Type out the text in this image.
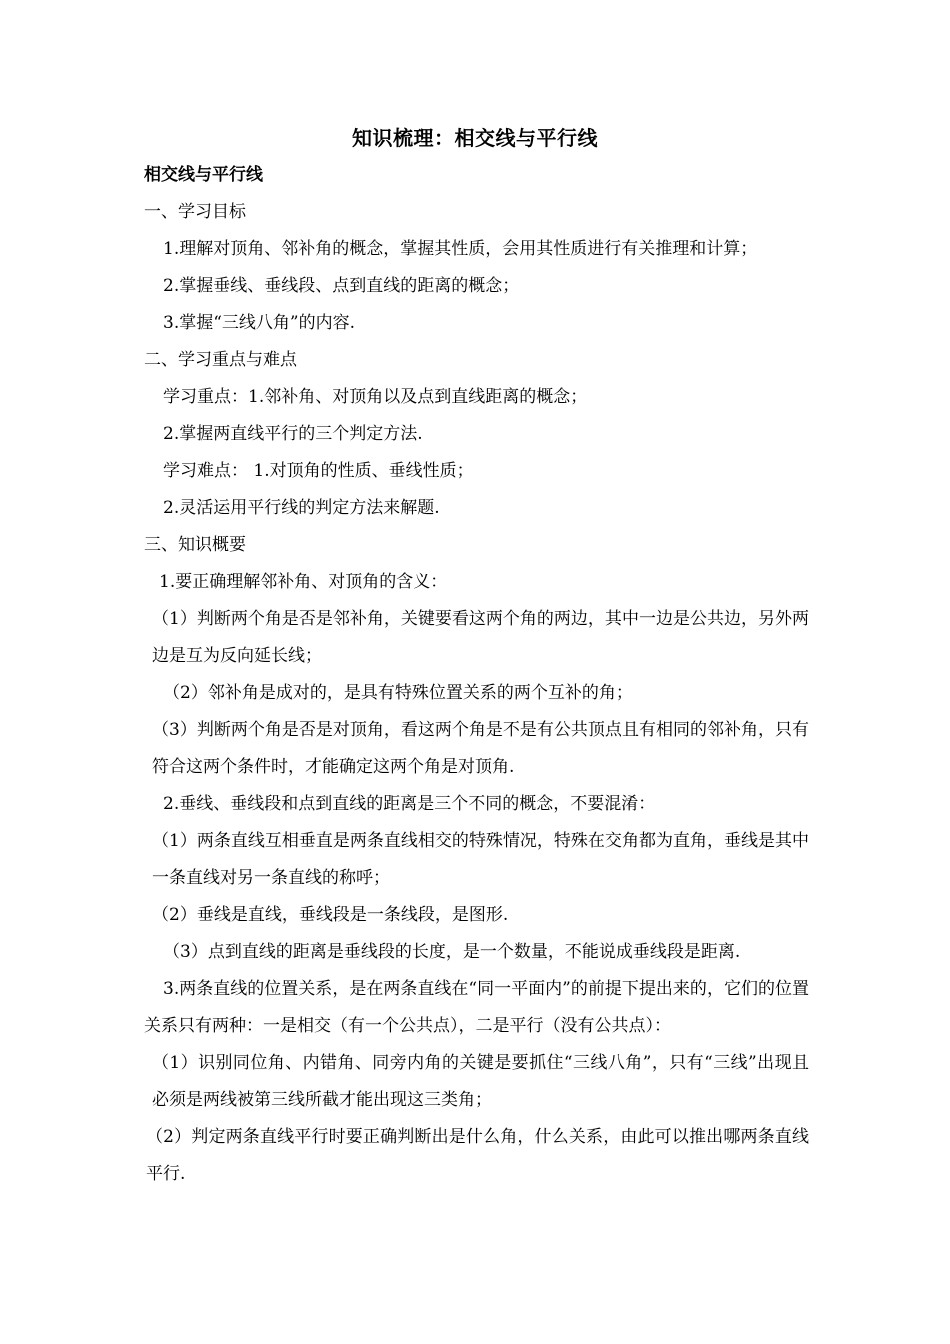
知识梳理：相交线与平行线
相交线与平行线
一、学习目标
1.理解对顶角、邻补角的概念，掌握其性质，会用其性质进行有关推理和计算；
2.掌握垂线、垂线段、点到直线的距离的概念；
3.掌握“三线八角”的内容.
二、学习重点与难点
学习重点：1.邻补角、对顶角以及点到直线距离的概念；
2.掌握两直线平行的三个判定方法.
学习难点： 1.对顶角的性质、垂线性质；
2.灵活运用平行线的判定方法来解题.
三、知识概要
1.要正确理解邻补角、对顶角的含义：
（1）判断两个角是否是邻补角，关键要看这两个角的两边，其中一边是公共边，另外两边是互为反向延长线；
（2）邻补角是成对的，是具有特殊位置关系的两个互补的角；
（3）判断两个角是否是对顶角，看这两个角是不是有公共顶点且有相同的邻补角，只有符合这两个条件时，才能确定这两个角是对顶角.
2.垂线、垂线段和点到直线的距离是三个不同的概念，不要混淆：
（1）两条直线互相垂直是两条直线相交的特殊情况，特殊在交角都为直角，垂线是其中一条直线对另一条直线的称呼；
（2）垂线是直线，垂线段是一条线段，是图形.
（3）点到直线的距离是垂线段的长度，是一个数量，不能说成垂线段是距离.
3.两条直线的位置关系，是在两条直线在“同一平面内”的前提下提出来的，它们的位置关系只有两种：一是相交（有一个公共点），二是平行（没有公共点）：
（1）识别同位角、内错角、同旁内角的关键是要抓住“三线八角”，只有“三线”出现且必须是两线被第三线所截才能出现这三类角；
（2）判定两条直线平行时要正确判断出是什么角，什么关系，由此可以推出哪两条直线平行.
